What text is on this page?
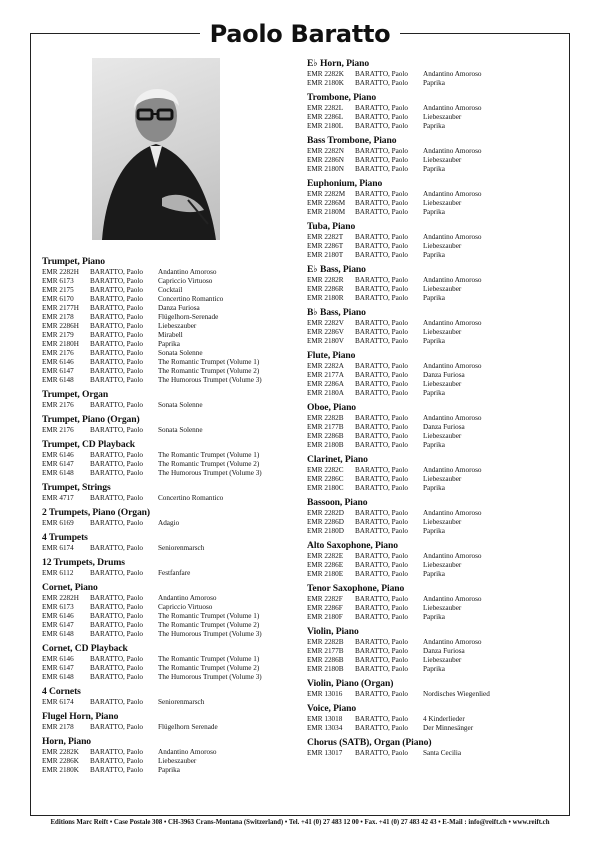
Paolo Baratto
Trumpet, Piano
EMR 2282H	BARATTO, Paolo	Andantino Amoroso
EMR 6173	BARATTO, Paolo	Capriccio Virtuoso
EMR 2175	BARATTO, Paolo	Cocktail
EMR 6170	BARATTO, Paolo	Concertino Romantico
EMR 2177H	BARATTO, Paolo	Danza Furiosa
EMR 2178	BARATTO, Paolo	Flügelhorn-Serenade
EMR 2286H	BARATTO, Paolo	Liebeszauber
EMR 2179	BARATTO, Paolo	Mirabell
EMR 2180H	BARATTO, Paolo	Paprika
EMR 2176	BARATTO, Paolo	Sonata Solenne
EMR 6146	BARATTO, Paolo	The Romantic Trumpet (Volume 1)
EMR 6147	BARATTO, Paolo	The Romantic Trumpet (Volume 2)
EMR 6148	BARATTO, Paolo	The Humorous Trumpet (Volume 3)
Trumpet, Organ
EMR 2176	BARATTO, Paolo	Sonata Solenne
Trumpet, Piano (Organ)
EMR 2176	BARATTO, Paolo	Sonata Solenne
Trumpet, CD Playback
EMR 6146	BARATTO, Paolo	The Romantic Trumpet (Volume 1)
EMR 6147	BARATTO, Paolo	The Romantic Trumpet (Volume 2)
EMR 6148	BARATTO, Paolo	The Humorous Trumpet (Volume 3)
Trumpet, Strings
EMR 4717	BARATTO, Paolo	Concertino Romantico
2 Trumpets, Piano (Organ)
EMR 6169	BARATTO, Paolo	Adagio
4 Trumpets
EMR 6174	BARATTO, Paolo	Seniorenmarsch
12 Trumpets, Drums
EMR 6112	BARATTO, Paolo	Festfanfare
Cornet, Piano
EMR 2282H	BARATTO, Paolo	Andantino Amoroso
EMR 6173	BARATTO, Paolo	Capriccio Virtuoso
EMR 6146	BARATTO, Paolo	The Romantic Trumpet (Volume 1)
EMR 6147	BARATTO, Paolo	The Romantic Trumpet (Volume 2)
EMR 6148	BARATTO, Paolo	The Humorous Trumpet (Volume 3)
Cornet, CD Playback
EMR 6146	BARATTO, Paolo	The Romantic Trumpet (Volume 1)
EMR 6147	BARATTO, Paolo	The Romantic Trumpet (Volume 2)
EMR 6148	BARATTO, Paolo	The Humorous Trumpet (Volume 3)
4 Cornets
EMR 6174	BARATTO, Paolo	Seniorenmarsch
Flugel Horn, Piano
EMR 2178	BARATTO, Paolo	Flügelhorn Serenade
Horn, Piano
EMR 2282K	BARATTO, Paolo	Andantino Amoroso
EMR 2286K	BARATTO, Paolo	Liebeszauber
EMR 2180K	BARATTO, Paolo	Paprika
E♭ Horn, Piano
EMR 2282K	BARATTO, Paolo	Andantino Amoroso
EMR 2180K	BARATTO, Paolo	Paprika
Trombone, Piano
EMR 2282L	BARATTO, Paolo	Andantino Amoroso
EMR 2286L	BARATTO, Paolo	Liebeszauber
EMR 2180L	BARATTO, Paolo	Paprika
Bass Trombone, Piano
EMR 2282N	BARATTO, Paolo	Andantino Amoroso
EMR 2286N	BARATTO, Paolo	Liebeszauber
EMR 2180N	BARATTO, Paolo	Paprika
Euphonium, Piano
EMR 2282M	BARATTO, Paolo	Andantino Amoroso
EMR 2286M	BARATTO, Paolo	Liebeszauber
EMR 2180M	BARATTO, Paolo	Paprika
Tuba, Piano
EMR 2282T	BARATTO, Paolo	Andantino Amoroso
EMR 2286T	BARATTO, Paolo	Liebeszauber
EMR 2180T	BARATTO, Paolo	Paprika
E♭ Bass, Piano
EMR 2282R	BARATTO, Paolo	Andantino Amoroso
EMR 2286R	BARATTO, Paolo	Liebeszauber
EMR 2180R	BARATTO, Paolo	Paprika
B♭ Bass, Piano
EMR 2282V	BARATTO, Paolo	Andantino Amoroso
EMR 2286V	BARATTO, Paolo	Liebeszauber
EMR 2180V	BARATTO, Paolo	Paprika
Flute, Piano
EMR 2282A	BARATTO, Paolo	Andantino Amoroso
EMR 2177A	BARATTO, Paolo	Danza Furiosa
EMR 2286A	BARATTO, Paolo	Liebeszauber
EMR 2180A	BARATTO, Paolo	Paprika
Oboe, Piano
EMR 2282B	BARATTO, Paolo	Andantino Amoroso
EMR 2177B	BARATTO, Paolo	Danza Furiosa
EMR 2286B	BARATTO, Paolo	Liebeszauber
EMR 2180B	BARATTO, Paolo	Paprika
Clarinet, Piano
EMR 2282C	BARATTO, Paolo	Andantino Amoroso
EMR 2286C	BARATTO, Paolo	Liebeszauber
EMR 2180C	BARATTO, Paolo	Paprika
Bassoon, Piano
EMR 2282D	BARATTO, Paolo	Andantino Amoroso
EMR 2286D	BARATTO, Paolo	Liebeszauber
EMR 2180D	BARATTO, Paolo	Paprika
Alto Saxophone, Piano
EMR 2282E	BARATTO, Paolo	Andantino Amoroso
EMR 2286E	BARATTO, Paolo	Liebeszauber
EMR 2180E	BARATTO, Paolo	Paprika
Tenor Saxophone, Piano
EMR 2282F	BARATTO, Paolo	Andantino Amoroso
EMR 2286F	BARATTO, Paolo	Liebeszauber
EMR 2180F	BARATTO, Paolo	Paprika
Violin, Piano
EMR 2282B	BARATTO, Paolo	Andantino Amoroso
EMR 2177B	BARATTO, Paolo	Danza Furiosa
EMR 2286B	BARATTO, Paolo	Liebeszauber
EMR 2180B	BARATTO, Paolo	Paprika
Violin, Piano (Organ)
EMR 13016	BARATTO, Paolo	Nordisches Wiegenlied
Voice, Piano
EMR 13018	BARATTO, Paolo	4 Kinderlieder
EMR 13034	BARATTO, Paolo	Der Minnesänger
Chorus (SATB), Organ (Piano)
EMR 13017	BARATTO, Paolo	Santa Cecilia
Editions Marc Reift • Case Postale 308 • CH-3963 Crans-Montana (Switzerland) • Tel. +41 (0) 27 483 12 00 • Fax. +41 (0) 27 483 42 43 • E-Mail : info@reift.ch • www.reift.ch
